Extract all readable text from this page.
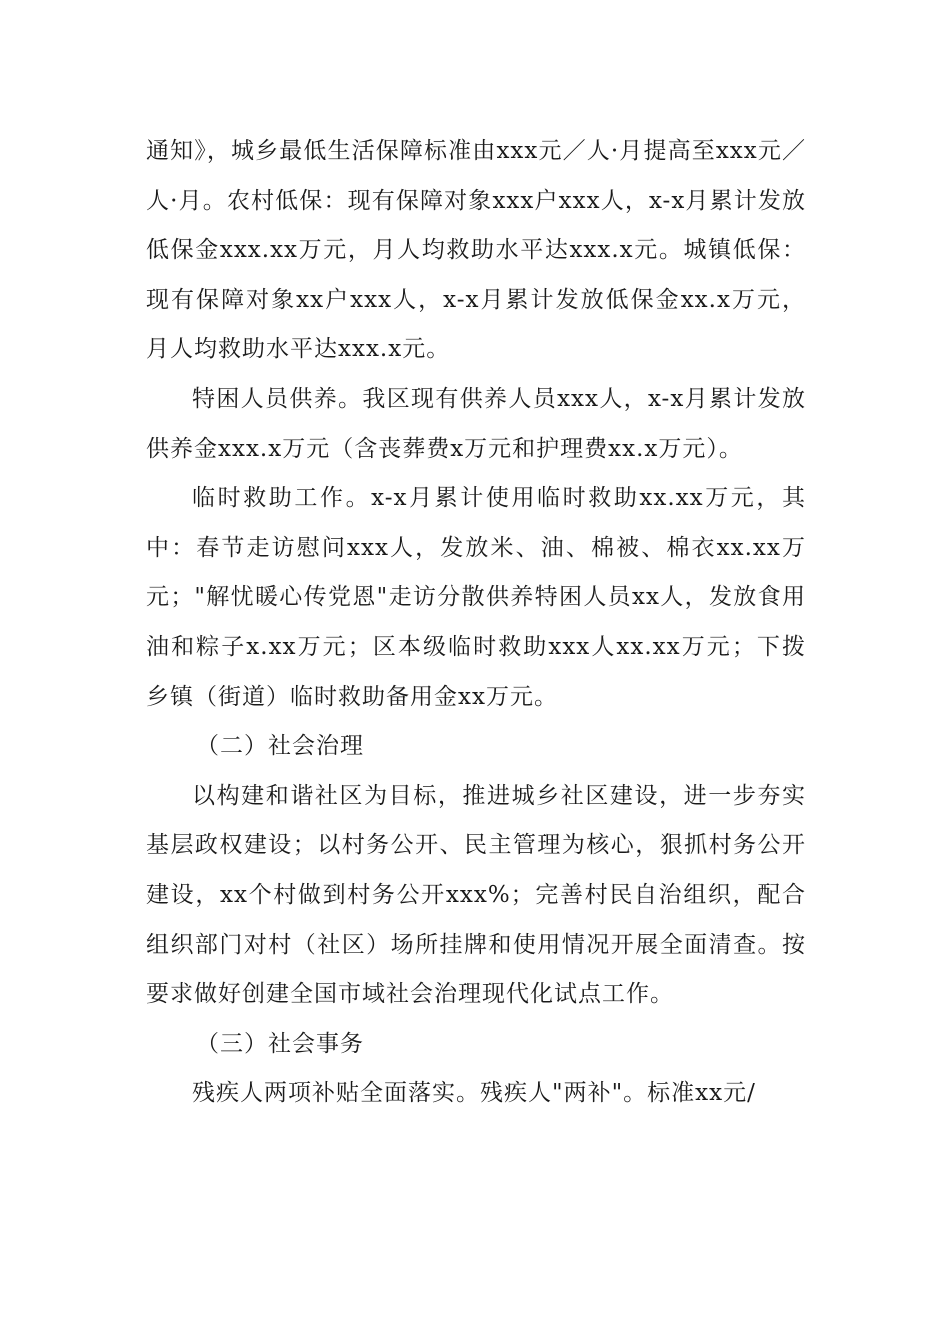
通知》，城乡最低生活保障标准由xxx元／人·月提高至xxx元／人·月。农村低保：现有保障对象xxx户xxx人，x-x月累计发放低保金xxx.xx万元，月人均救助水平达xxx.x元。城镇低保：现有保障对象xx户xxx人，x-x月累计发放低保金xx.x万元，月人均救助水平达xxx.x元。

特困人员供养。我区现有供养人员xxx人，x-x月累计发放供养金xxx.x万元（含丧葬费x万元和护理费xx.x万元）。

临时救助工作。x-x月累计使用临时救助xx.xx万元，其中：春节走访慰问xxx人，发放米、油、棉被、棉衣xx.xx万元；"解忧暖心传党恩"走访分散供养特困人员xx人，发放食用油和粽子x.xx万元；区本级临时救助xxx人xx.xx万元；下拨乡镇（街道）临时救助备用金xx万元。

（二）社会治理

以构建和谐社区为目标，推进城乡社区建设，进一步夯实基层政权建设；以村务公开、民主管理为核心，狠抓村务公开建设，xx个村做到村务公开xxx%；完善村民自治组织，配合组织部门对村（社区）场所挂牌和使用情况开展全面清查。按要求做好创建全国市域社会治理现代化试点工作。

（三）社会事务

残疾人两项补贴全面落实。残疾人"两补"。标准xx元/
